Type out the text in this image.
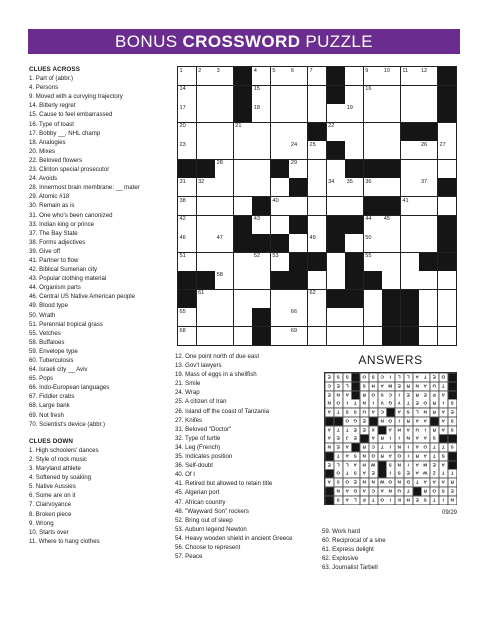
BONUS CROSSWORD PUZZLE
CLUES ACROSS
1. Part of (abbr.)
4. Persons
9. Moved with a curvying trajectory
14. Bitterly regret
15. Cause to feel embarrassed
16. Type of toast
17. Bobby __, NHL champ
18. Analogies
20. Mixes
22. Beloved flowers
23. Clinton special prosecutor
24. Avoids
28. Innermost brain membrane: __ mater
29. Atomic #18
30. Remain as is
31. One who's been canonized
33. Indian king or prince
37. The Bay State
38. Forms adjectives
39. Give off
41. Partner to flow
42. Biblical Sumerian city
43. Popular clothing material
44. Organism parts
46. Central US Native American people
49. Blood type
50. Wrath
51. Perennial tropical grass
55. Vetches
58. Buffaloes
59. Envelope type
60. Tuberculosis
64. Israeli city __ Aviv
65. Pops
66. Indo-European languages
67. Fiddler crabs
68. Large bank
69. Not fresh
70. Scientist's device (abbr.)
CLUES DOWN
1. High schoolers' dances
2. Style of rock music
3. Maryland athlete
4. Softened by soaking
5. Native Aussies
6. Some are on it
7. Clairvoyance
8. Broken piece
9. Wrong
10. Starts over
11. Where to hang clothes
1	2	3	4	5	6	7	9	10 11 12
14	15	16
17	18	19
20	21	22
23	24 25	26 27
28	29
31 32	34 35 36	37
38	40	41
42	43	44 45
46	47	49	50
51	52 53	55
58
61	62
65	66
68	69
12. One point north of due east
13. Gov't lawyers
19. Mass of eggs in a shellfish
21. Smile
24. Wrap
25. A citizen of Iran
26. Island off the coast of Tanzania
27. Knifes
31. Beloved "Doctor"
32. Type of turtle
34. Leg (French)
35. Indicates position
36. Self-doubt
40. Of I
41. Retired but allowed to retain title
45. Algerian port
47. African country
48. "Wayward Son" rockers
52. Bring out of sleep
53. Auburn legend Newton
54. Heavy wooden shield in ancient Greece
56. Choose to represent
57. Peace
ANSWERS
E	S	S	O	S	C	I	L	L	A	T	E	D
C	E	L	S	H	A	M	E	R	N	A	U	T
E	N	A	R	O	S	C	I	E	R	E	P	A
N	O	I	T	N	I	V	G	Y	T	E	O	R	I	S
A	T	S	S	U	A	C	A	S	L	N	R	A	E
O	G	E	N	O	I	R	A	A	A	S
A	T	T	E	E	X	A	H	A	U	I	R	A	S
A	E	J	E	A	R	I	I	N	A	A	S
N	E	A	R	C	T	I	N	I	A	O	T	T	S
T	A	S	N	O	R	A	O	I	R	A	T	S
E	L	L	A	H	W	S	N	I	A	M	E	A
O	T	S	A	E	I	S	E	A	W	Z	T	T
A	S	O	E	N	N	W	O	N	D	T	A	A	A	R
N	A	D	A	C	A	N	U	T	R	O	S	E
S	A	L	P	T	O	I	K	H	E	S	T	I	N
09/29
59. Work hard
60. Reciprocal of a sine
61. Express delight
62. Explosive
63. Journalist Tarbell
